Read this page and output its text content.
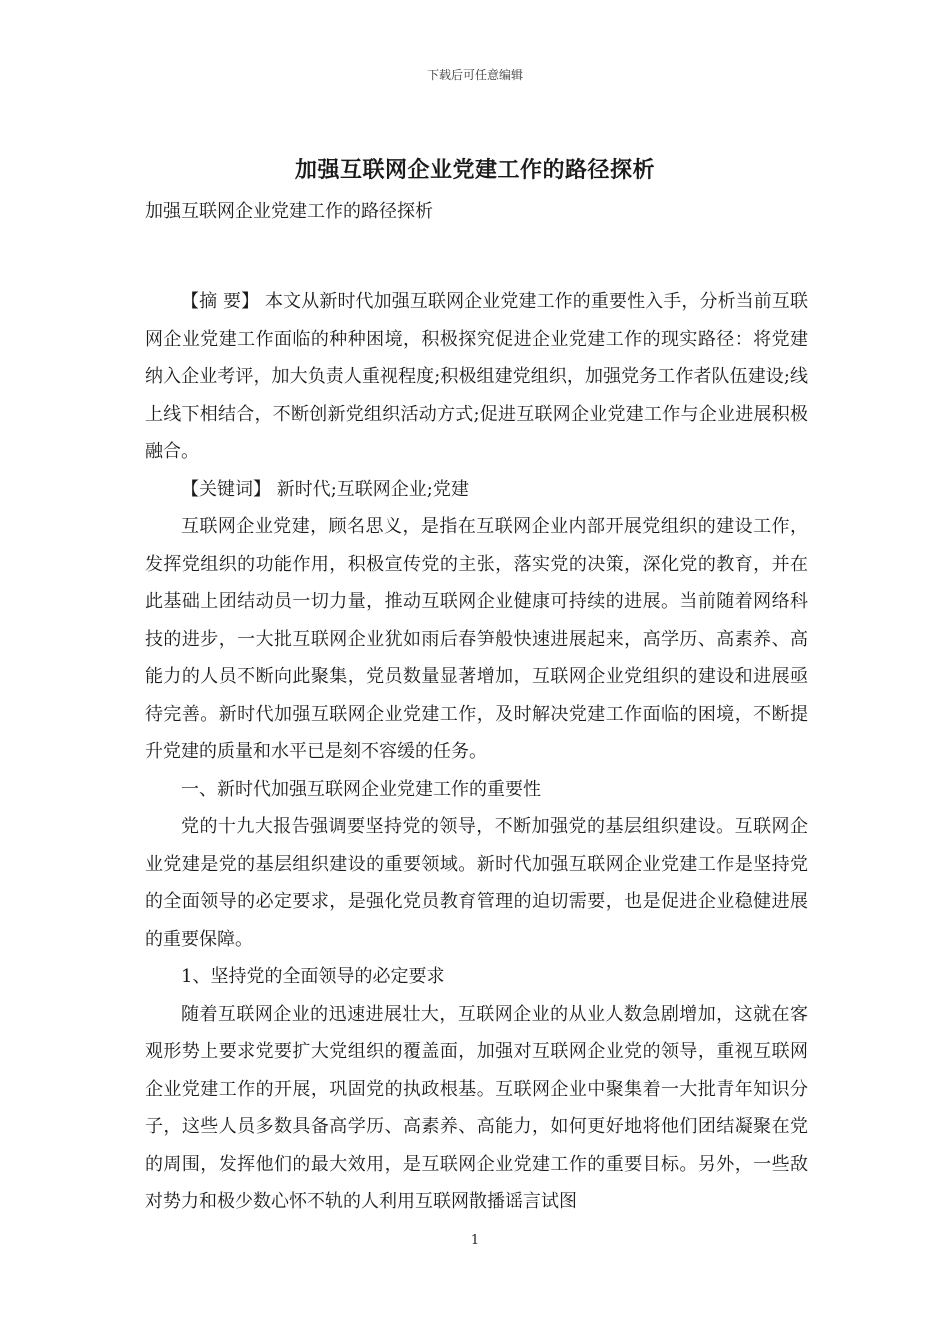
下载后可任意编辑
加强互联网企业党建工作的路径探析

加强互联网企业党建工作的路径探析

【摘 要】 本文从新时代加强互联网企业党建工作的重要性入手，分析当前互联网企业党建工作面临的种种困境，积极探究促进企业党建工作的现实路径：将党建纳入企业考评，加大负责人重视程度;积极组建党组织，加强党务工作者队伍建设;线上线下相结合，不断创新党组织活动方式;促进互联网企业党建工作与企业进展积极融合。

【关键词】 新时代;互联网企业;党建

互联网企业党建，顾名思义，是指在互联网企业内部开展党组织的建设工作，发挥党组织的功能作用，积极宣传党的主张，落实党的决策，深化党的教育，并在此基础上团结动员一切力量，推动互联网企业健康可持续的进展。当前随着网络科技的进步，一大批互联网企业犹如雨后春笋般快速进展起来，高学历、高素养、高能力的人员不断向此聚集，党员数量显著增加，互联网企业党组织的建设和进展亟待完善。新时代加强互联网企业党建工作，及时解决党建工作面临的困境，不断提升党建的质量和水平已是刻不容缓的任务。

一、新时代加强互联网企业党建工作的重要性

党的十九大报告强调要坚持党的领导，不断加强党的基层组织建设。互联网企业党建是党的基层组织建设的重要领域。新时代加强互联网企业党建工作是坚持党的全面领导的必定要求，是强化党员教育管理的迫切需要，也是促进企业稳健进展的重要保障。

1、坚持党的全面领导的必定要求

随着互联网企业的迅速进展壮大，互联网企业的从业人数急剧增加，这就在客观形势上要求党要扩大党组织的覆盖面，加强对互联网企业党的领导，重视互联网企业党建工作的开展，巩固党的执政根基。互联网企业中聚集着一大批青年知识分子，这些人员多数具备高学历、高素养、高能力，如何更好地将他们团结凝聚在党的周围，发挥他们的最大效用，是互联网企业党建工作的重要目标。另外，一些敌对势力和极少数心怀不轨的人利用互联网散播谣言试图

1
